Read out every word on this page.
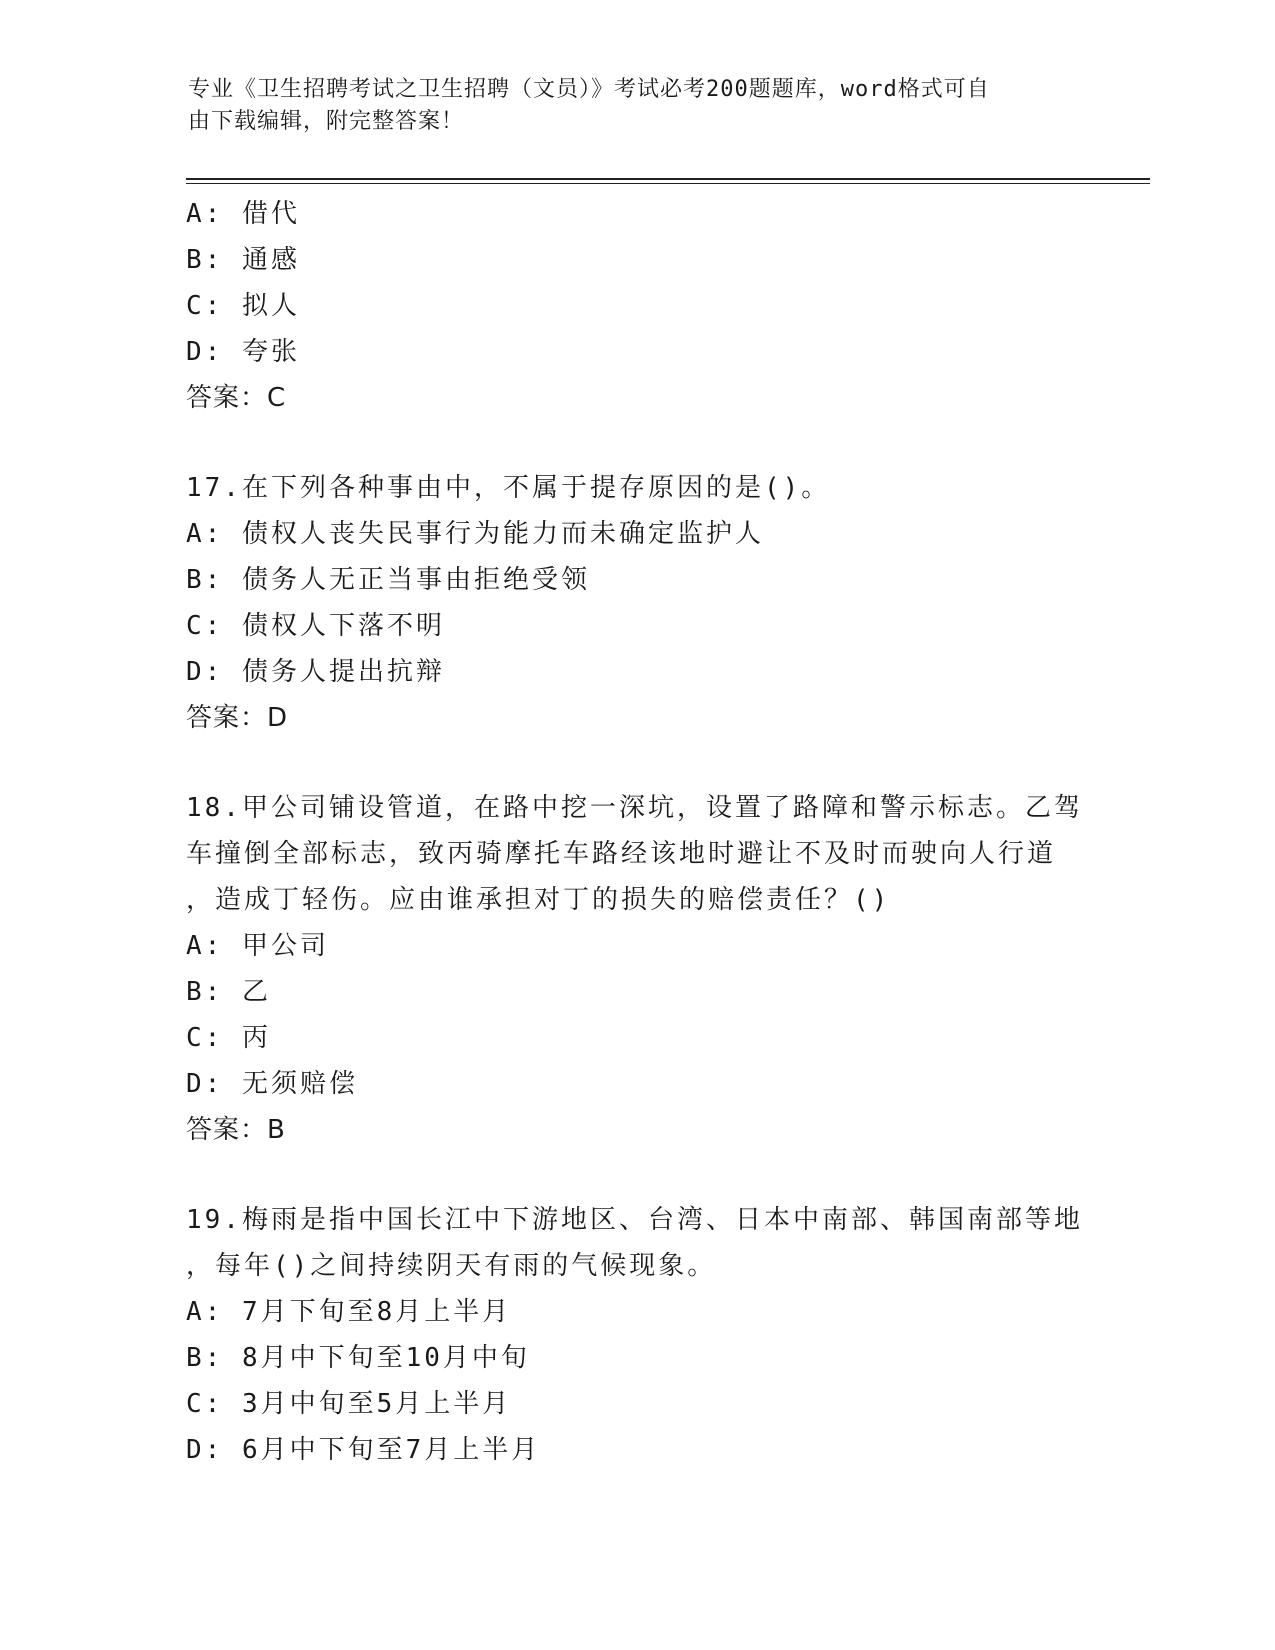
专业《卫生招聘考试之卫生招聘（文员）》考试必考200题题库，word格式可自
由下载编辑，附完整答案！
A: 借代
B: 通感
C: 拟人
D: 夸张
答案：C
17.在下列各种事由中，不属于提存原因的是()。
A: 债权人丧失民事行为能力而未确定监护人
B: 债务人无正当事由拒绝受领
C: 债权人下落不明
D: 债务人提出抗辩
答案：D
18.甲公司铺设管道，在路中挖一深坑，设置了路障和警示标志。乙驾
车撞倒全部标志，致丙骑摩托车路经该地时避让不及时而驶向人行道
，造成丁轻伤。应由谁承担对丁的损失的赔偿责任？()
A: 甲公司
B: 乙
C: 丙
D: 无须赔偿
答案：B
19.梅雨是指中国长江中下游地区、台湾、日本中南部、韩国南部等地
，每年()之间持续阴天有雨的气候现象。
A: 7月下旬至8月上半月
B: 8月中下旬至10月中旬
C: 3月中旬至5月上半月
D: 6月中下旬至7月上半月
